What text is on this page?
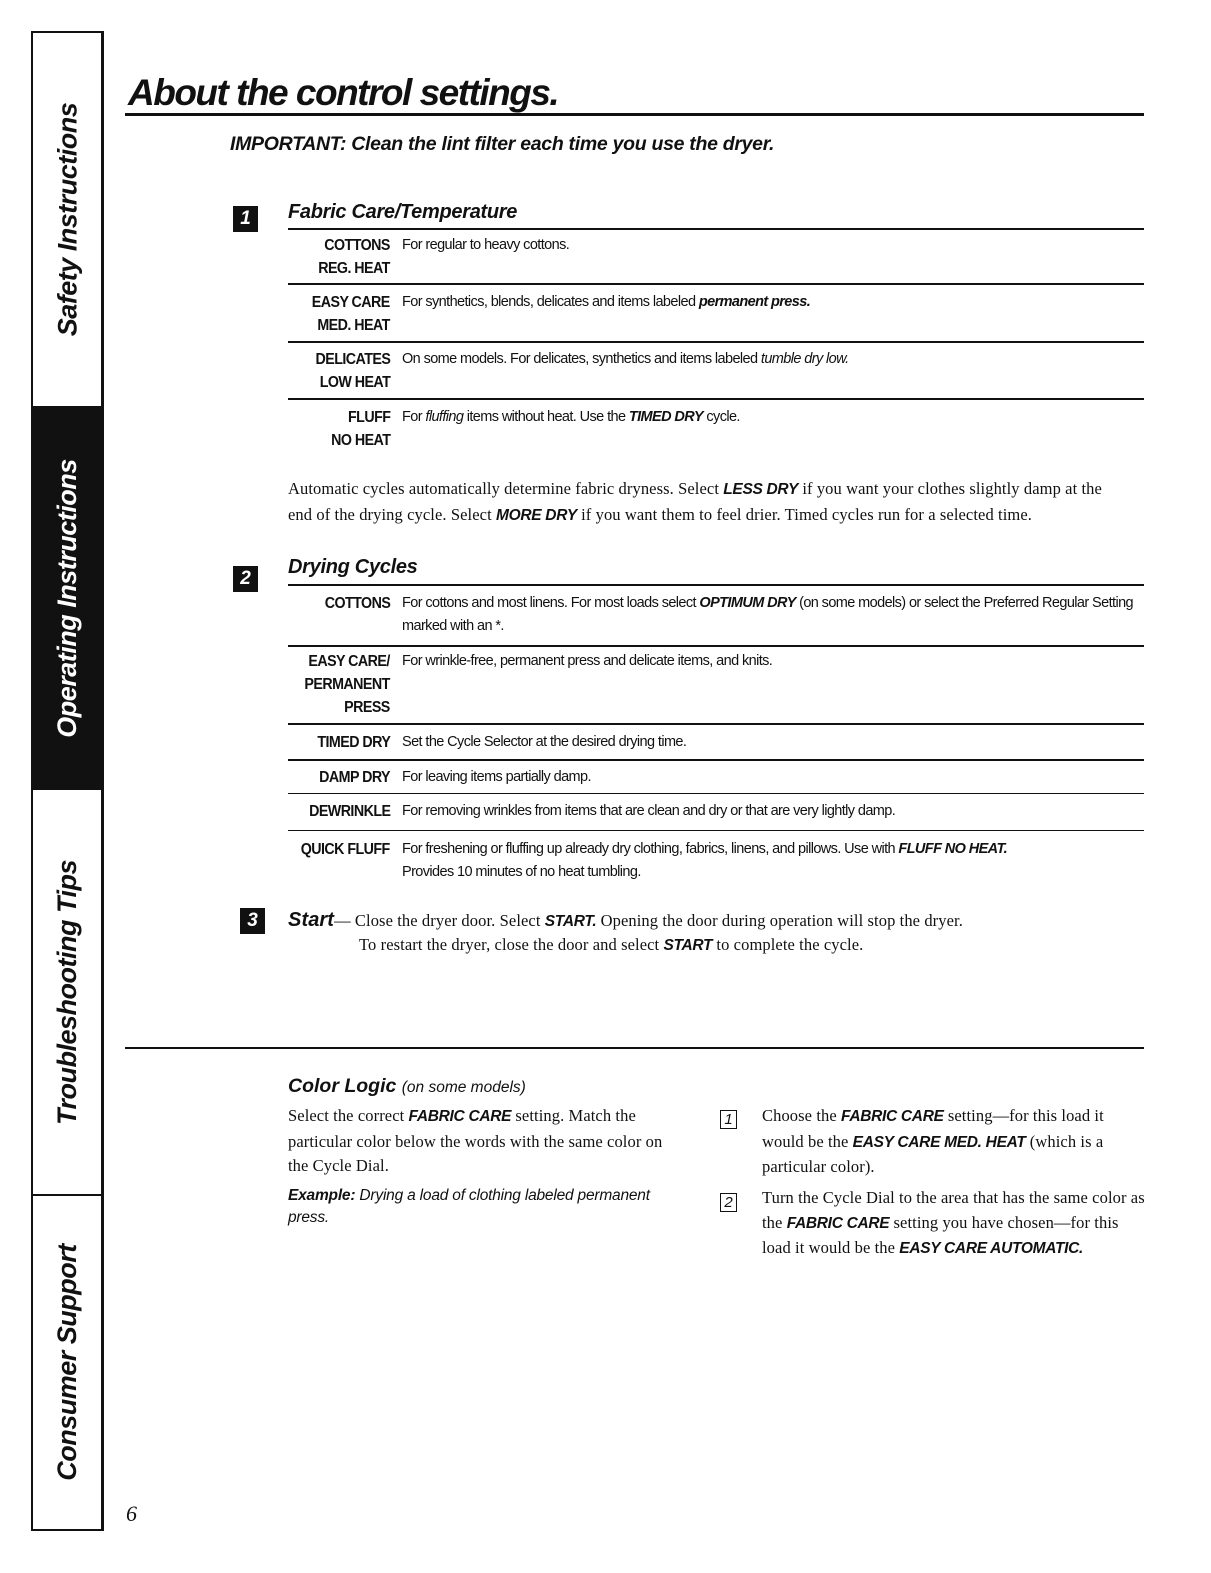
Safety Instructions
Operating Instructions
Troubleshooting Tips
Consumer Support
About the control settings.
IMPORTANT: Clean the lint filter each time you use the dryer.
1	Fabric Care/Temperature
COTTONS
REG. HEAT
For regular to heavy cottons.
EASY CARE
MED. HEAT
For synthetics, blends, delicates and items labeled permanent press.
DELICATES
LOW HEAT
On some models. For delicates, synthetics and items labeled tumble dry low.
FLUFF
NO HEAT
For fluffing items without heat. Use the TIMED DRY cycle.
Automatic cycles automatically determine fabric dryness. Select LESS DRY if you want your clothes slightly damp at the end of the drying cycle. Select MORE DRY if you want them to feel drier. Timed cycles run for a selected time.
2
Drying Cycles
COTTONS For cottons and most linens. For most loads select OPTIMUM DRY (on some models) or select the Preferred Regular Setting marked with an *.
EASY CARE/
PERMANENT
PRESS
For wrinkle-free, permanent press and delicate items, and knits.
TIMED DRY Set the Cycle Selector at the desired drying time.
DAMP DRY For leaving items partially damp.
DEWRINKLE For removing wrinkles from items that are clean and dry or that are very lightly damp.
QUICK FLUFF For freshening or fluffing up already dry clothing, fabrics, linens, and pillows. Use with FLUFF NO HEAT.
Provides 10 minutes of no heat tumbling.
3	Start— Close the dryer door. Select START. Opening the door during operation will stop the dryer.
To restart the dryer, close the door and select START to complete the cycle.
Color Logic (on some models)
Select the correct FABRIC CARE setting. Match the particular color below the words with the same color on the Cycle Dial.
Example: Drying a load of clothing labeled permanent press.
1 Choose the FABRIC CARE setting—for this load it would be the EASY CARE MED. HEAT (which is a particular color).
2 Turn the Cycle Dial to the area that has the same color as the FABRIC CARE setting you have chosen—for this load it would be the EASY CARE AUTOMATIC.
6
